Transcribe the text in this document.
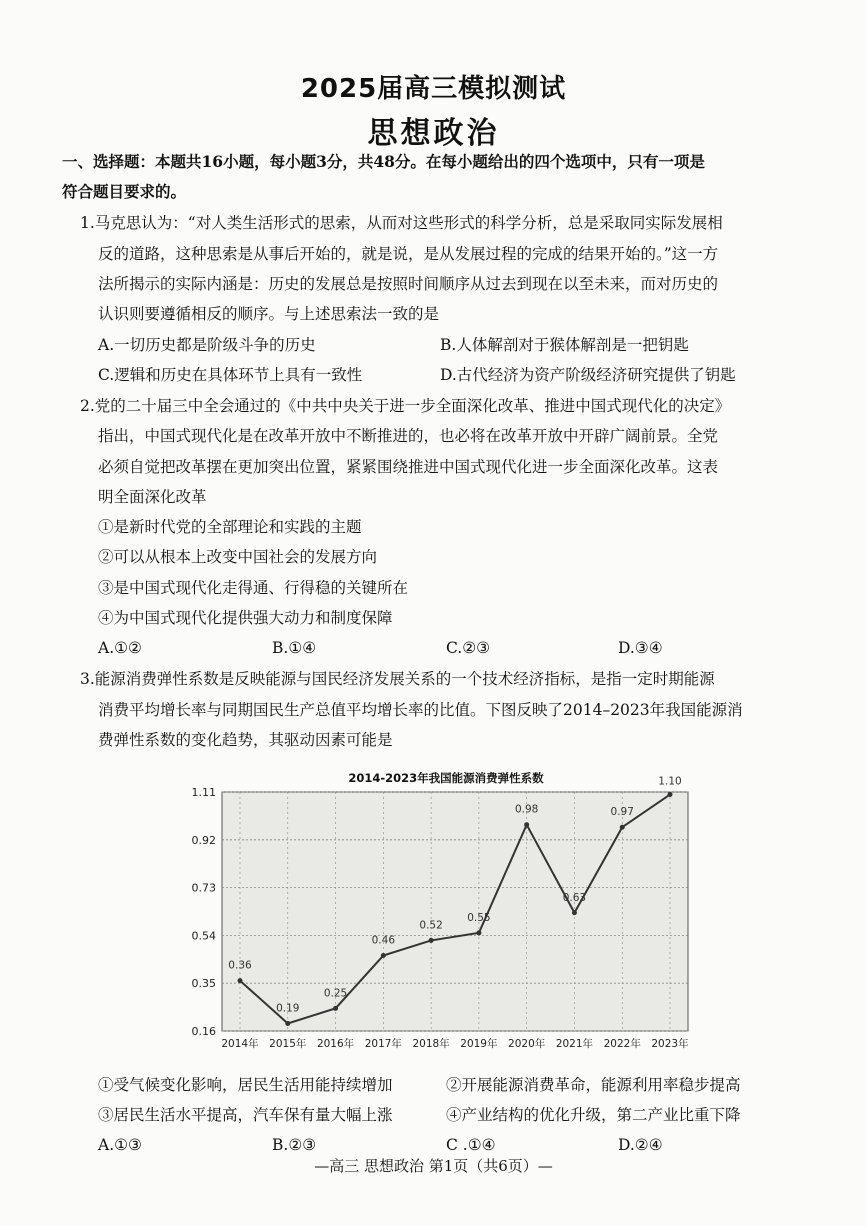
2025届高三模拟测试
思想政治
一、选择题：本题共16小题，每小题3分，共48分。在每小题给出的四个选项中，只有一项是
符合题目要求的。
1.马克思认为：“对人类生活形式的思索，从而对这些形式的科学分析，总是采取同实际发展相
反的道路，这种思索是从事后开始的，就是说，是从发展过程的完成的结果开始的。”这一方
法所揭示的实际内涵是：历史的发展总是按照时间顺序从过去到现在以至未来，而对历史的
认识则要遵循相反的顺序。与上述思索法一致的是
A.一切历史都是阶级斗争的历史	B.人体解剖对于猴体解剖是一把钥匙
C.逻辑和历史在具体环节上具有一致性	D.古代经济为资产阶级经济研究提供了钥匙
2.党的二十届三中全会通过的《中共中央关于进一步全面深化改革、推进中国式现代化的决定》
指出，中国式现代化是在改革开放中不断推进的，也必将在改革开放中开辟广阔前景。全党
必须自觉把改革摆在更加突出位置，紧紧围绕推进中国式现代化进一步全面深化改革。这表
明全面深化改革
①是新时代党的全部理论和实践的主题
②可以从根本上改变中国社会的发展方向
③是中国式现代化走得通、行得稳的关键所在
④为中国式现代化提供强大动力和制度保障
A.①②	B.①④	C.②③	D.③④
3.能源消费弹性系数是反映能源与国民经济发展关系的一个技术经济指标，是指一定时期能源
消费平均增长率与同期国民生产总值平均增长率的比值。下图反映了2014–2023年我国能源消
费弹性系数的变化趋势，其驱动因素可能是
2014-2023年我国能源消费弹性系数
0.16
0.35
0.54
0.73
0.92
1.11
2014年 2015年 2016年 2017年 2018年 2019年 2020年 2021年 2022年 2023年
0.36
0.19
0.25
0.46
0.52
0.55
0.98
0.63
0.97
1.10
①受气候变化影响，居民生活用能持续增加	②开展能源消费革命，能源利用率稳步提高
③居民生活水平提高，汽车保有量大幅上涨	④产业结构的优化升级，第二产业比重下降
A.①③	B.②③	C .①④	D.②④
—高三 思想政治 第1页（共6页）—
